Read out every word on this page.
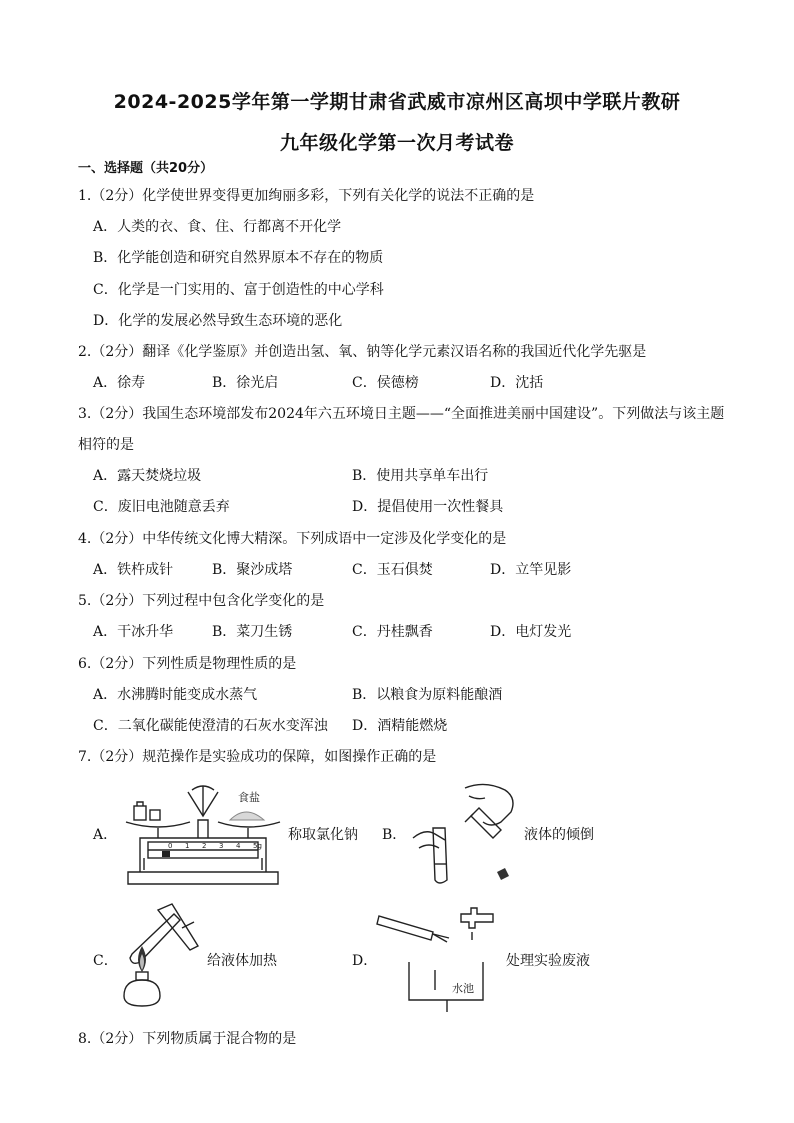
2024-2025学年第一学期甘肃省武威市凉州区高坝中学联片教研
九年级化学第一次月考试卷
一、选择题（共20分）
1.（2分）化学使世界变得更加绚丽多彩，下列有关化学的说法不正确的是
A．人类的衣、食、住、行都离不开化学
B．化学能创造和研究自然界原本不存在的物质
C．化学是一门实用的、富于创造性的中心学科
D．化学的发展必然导致生态环境的恶化
2.（2分）翻译《化学鉴原》并创造出氢、氧、钠等化学元素汉语名称的我国近代化学先驱是
A．徐寿	B．徐光启	C．侯德榜	D．沈括
3.（2分）我国生态环境部发布2024年六五环境日主题——“全面推进美丽中国建设”。下列做法与该主题
相符的是
A．露天焚烧垃圾	B．使用共享单车出行
C．废旧电池随意丢弃	D．提倡使用一次性餐具
4.（2分）中华传统文化博大精深。下列成语中一定涉及化学变化的是
A．铁杵成针	B．聚沙成塔	C．玉石俱焚	D．立竿见影
5.（2分）下列过程中包含化学变化的是
A．干冰升华	B．菜刀生锈	C．丹桂飘香	D．电灯发光
6.（2分）下列性质是物理性质的是
A．水沸腾时能变成水蒸气	B．以粮食为原料能酿酒
C．二氧化碳能使澄清的石灰水变浑浊 D．酒精能燃烧
7.（2分）规范操作是实验成功的保障，如图操作正确的是
A．
食盐
0 1 2 3 4 5g
称取氯化钠 B．	液体的倾倒
C．	给液体加热	D．
水池
处理实验废液
8.（2分）下列物质属于混合物的是
